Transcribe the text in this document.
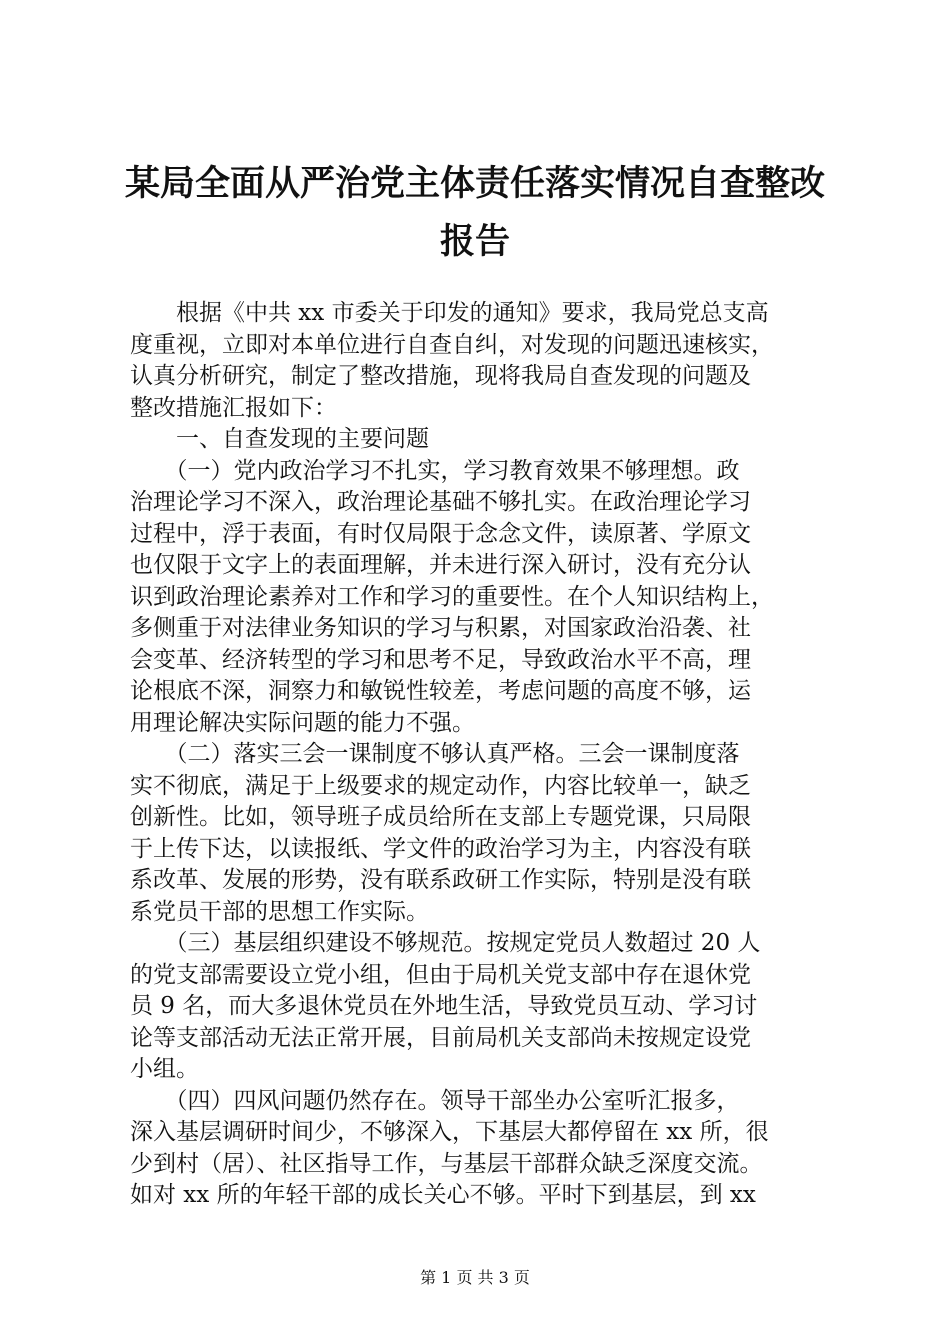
某局全面从严治党主体责任落实情况自查整改
报告
　　根据《中共 xx 市委关于印发的通知》要求，我局党总支高
度重视，立即对本单位进行自查自纠，对发现的问题迅速核实，
认真分析研究，制定了整改措施，现将我局自查发现的问题及
整改措施汇报如下：
　　一、自查发现的主要问题
　　（一）党内政治学习不扎实，学习教育效果不够理想。政
治理论学习不深入，政治理论基础不够扎实。在政治理论学习
过程中，浮于表面，有时仅局限于念念文件，读原著、学原文
也仅限于文字上的表面理解，并未进行深入研讨，没有充分认
识到政治理论素养对工作和学习的重要性。在个人知识结构上，
多侧重于对法律业务知识的学习与积累，对国家政治沿袭、社
会变革、经济转型的学习和思考不足，导致政治水平不高，理
论根底不深，洞察力和敏锐性较差，考虑问题的高度不够，运
用理论解决实际问题的能力不强。
　　（二）落实三会一课制度不够认真严格。三会一课制度落
实不彻底，满足于上级要求的规定动作，内容比较单一，缺乏
创新性。比如，领导班子成员给所在支部上专题党课，只局限
于上传下达，以读报纸、学文件的政治学习为主，内容没有联
系改革、发展的形势，没有联系政研工作实际，特别是没有联
系党员干部的思想工作实际。
　　（三）基层组织建设不够规范。按规定党员人数超过 20 人
的党支部需要设立党小组，但由于局机关党支部中存在退休党
员 9 名，而大多退休党员在外地生活，导致党员互动、学习讨
论等支部活动无法正常开展，目前局机关支部尚未按规定设党
小组。
　　（四）四风问题仍然存在。领导干部坐办公室听汇报多，
深入基层调研时间少，不够深入，下基层大都停留在 xx 所，很
少到村（居）、社区指导工作，与基层干部群众缺乏深度交流。
如对 xx 所的年轻干部的成长关心不够。平时下到基层，到 xx
第 1 页 共 3 页
